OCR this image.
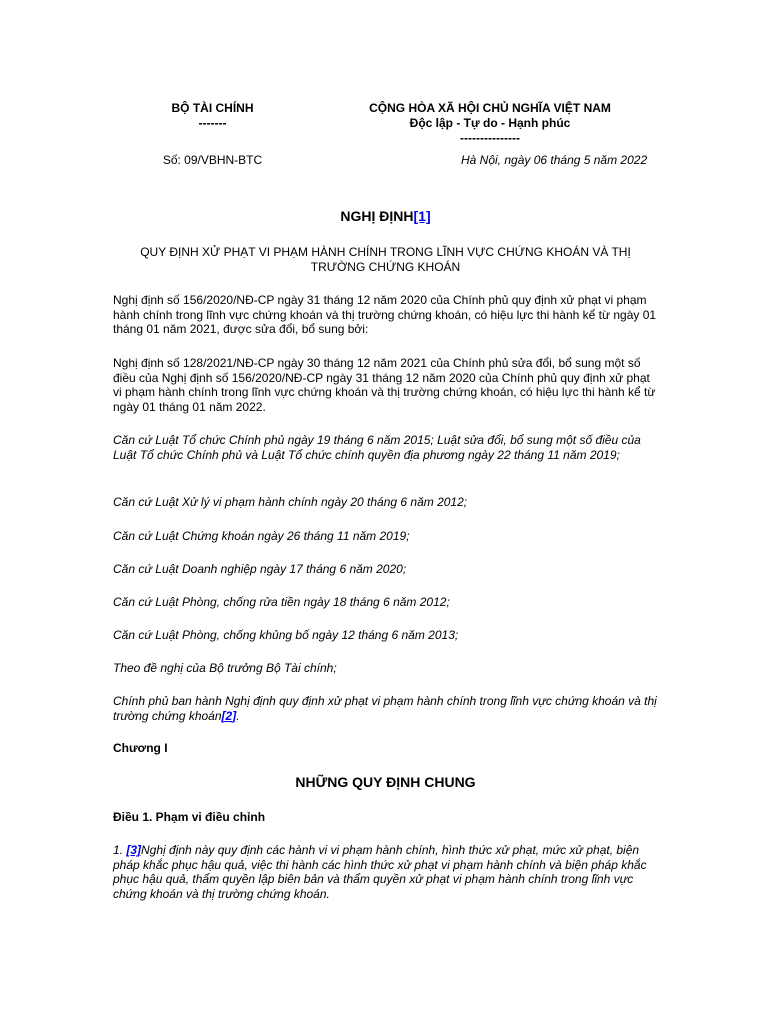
BỘ TÀI CHÍNH
-------
CỘNG HÒA XÃ HỘI CHỦ NGHĨA VIỆT NAM
Độc lập - Tự do - Hạnh phúc
---------------
Số: 09/VBHN-BTC	Hà Nội, ngày 06 tháng 5 năm 2022
NGHỊ ĐỊNH[1]
QUY ĐỊNH XỬ PHẠT VI PHẠM HÀNH CHÍNH TRONG LĨNH VỰC CHỨNG KHOÁN VÀ THỊ TRƯỜNG CHỨNG KHOÁN
Nghị định số 156/2020/NĐ-CP ngày 31 tháng 12 năm 2020 của Chính phủ quy định xử phạt vi phạm hành chính trong lĩnh vực chứng khoán và thị trường chứng khoán, có hiệu lực thi hành kể từ ngày 01 tháng 01 năm 2021, được sửa đổi, bổ sung bởi:
Nghị định số 128/2021/NĐ-CP ngày 30 tháng 12 năm 2021 của Chính phủ sửa đổi, bổ sung một số điều của Nghị định số 156/2020/NĐ-CP ngày 31 tháng 12 năm 2020 của Chính phủ quy định xử phạt vi phạm hành chính trong lĩnh vực chứng khoán và thị trường chứng khoán, có hiệu lực thi hành kể từ ngày 01 tháng 01 năm 2022.
Căn cứ Luật Tổ chức Chính phủ ngày 19 tháng 6 năm 2015; Luật sửa đổi, bổ sung một số điều của Luật Tổ chức Chính phủ và Luật Tổ chức chính quyền địa phương ngày 22 tháng 11 năm 2019;
Căn cứ Luật Xử lý vi phạm hành chính ngày 20 tháng 6 năm 2012;
Căn cứ Luật Chứng khoán ngày 26 tháng 11 năm 2019;
Căn cứ Luật Doanh nghiệp ngày 17 tháng 6 năm 2020;
Căn cứ Luật Phòng, chống rửa tiền ngày 18 tháng 6 năm 2012;
Căn cứ Luật Phòng, chống khủng bố ngày 12 tháng 6 năm 2013;
Theo đề nghị của Bộ trưởng Bộ Tài chính;
Chính phủ ban hành Nghị định quy định xử phạt vi phạm hành chính trong lĩnh vực chứng khoán và thị trường chứng khoán[2].
Chương I
NHỮNG QUY ĐỊNH CHUNG
Điều 1. Phạm vi điều chỉnh
1. [3]Nghị định này quy định các hành vi vi phạm hành chính, hình thức xử phạt, mức xử phạt, biện pháp khắc phục hậu quả, việc thi hành các hình thức xử phạt vi phạm hành chính và biện pháp khắc phục hậu quả, thẩm quyền lập biên bản và thẩm quyền xử phạt vi phạm hành chính trong lĩnh vực chứng khoán và thị trường chứng khoán.
